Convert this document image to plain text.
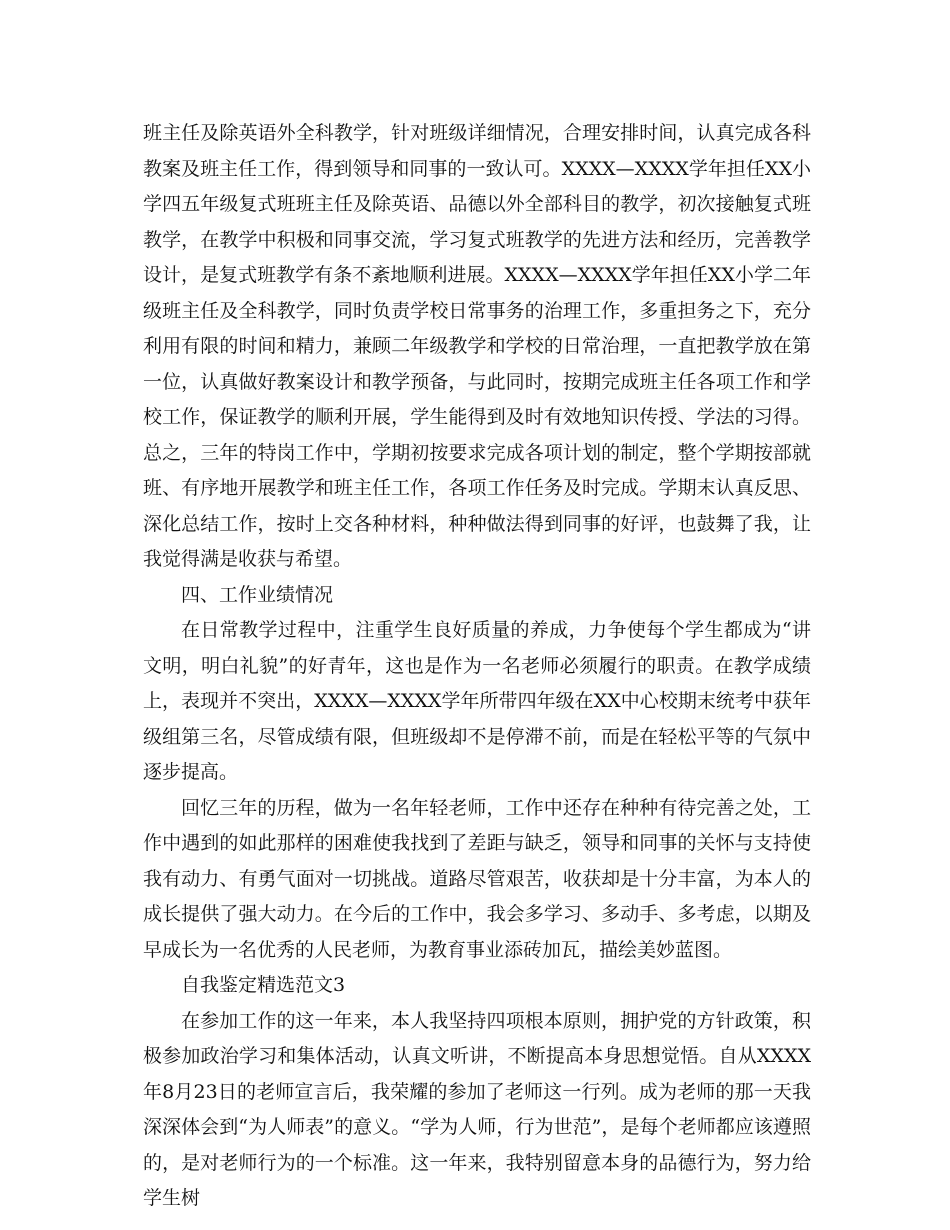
班主任及除英语外全科教学，针对班级详细情况，合理安排时间，认真完成各科教案及班主任工作，得到领导和同事的一致认可。XXXX—XXXX学年担任XX小学四五年级复式班班主任及除英语、品德以外全部科目的教学，初次接触复式班教学，在教学中积极和同事交流，学习复式班教学的先进方法和经历，完善教学设计，是复式班教学有条不紊地顺利进展。XXXX—XXXX学年担任XX小学二年级班主任及全科教学，同时负责学校日常事务的治理工作，多重担务之下，充分利用有限的时间和精力，兼顾二年级教学和学校的日常治理，一直把教学放在第一位，认真做好教案设计和教学预备，与此同时，按期完成班主任各项工作和学校工作，保证教学的顺利开展，学生能得到及时有效地知识传授、学法的习得。总之，三年的特岗工作中，学期初按要求完成各项计划的制定，整个学期按部就班、有序地开展教学和班主任工作，各项工作任务及时完成。学期末认真反思、深化总结工作，按时上交各种材料，种种做法得到同事的好评，也鼓舞了我，让我觉得满是收获与希望。

四、工作业绩情况

在日常教学过程中，注重学生良好质量的养成，力争使每个学生都成为“讲文明，明白礼貌”的好青年，这也是作为一名老师必须履行的职责。在教学成绩上，表现并不突出，XXXX—XXXX学年所带四年级在XX中心校期末统考中获年级组第三名，尽管成绩有限，但班级却不是停滞不前，而是在轻松平等的气氛中逐步提高。

回忆三年的历程，做为一名年轻老师，工作中还存在种种有待完善之处，工作中遇到的如此那样的困难使我找到了差距与缺乏，领导和同事的关怀与支持使我有动力、有勇气面对一切挑战。道路尽管艰苦，收获却是十分丰富，为本人的成长提供了强大动力。在今后的工作中，我会多学习、多动手、多考虑，以期及早成长为一名优秀的人民老师，为教育事业添砖加瓦，描绘美妙蓝图。

自我鉴定精选范文3

在参加工作的这一年来，本人我坚持四项根本原则，拥护党的方针政策，积极参加政治学习和集体活动，认真文听讲，不断提高本身思想觉悟。自从XXXX年8月23日的老师宣言后，我荣耀的参加了老师这一行列。成为老师的那一天我深深体会到“为人师表”的意义。“学为人师，行为世范”，是每个老师都应该遵照的，是对老师行为的一个标准。这一年来，我特别留意本身的品德行为，努力给学生树
